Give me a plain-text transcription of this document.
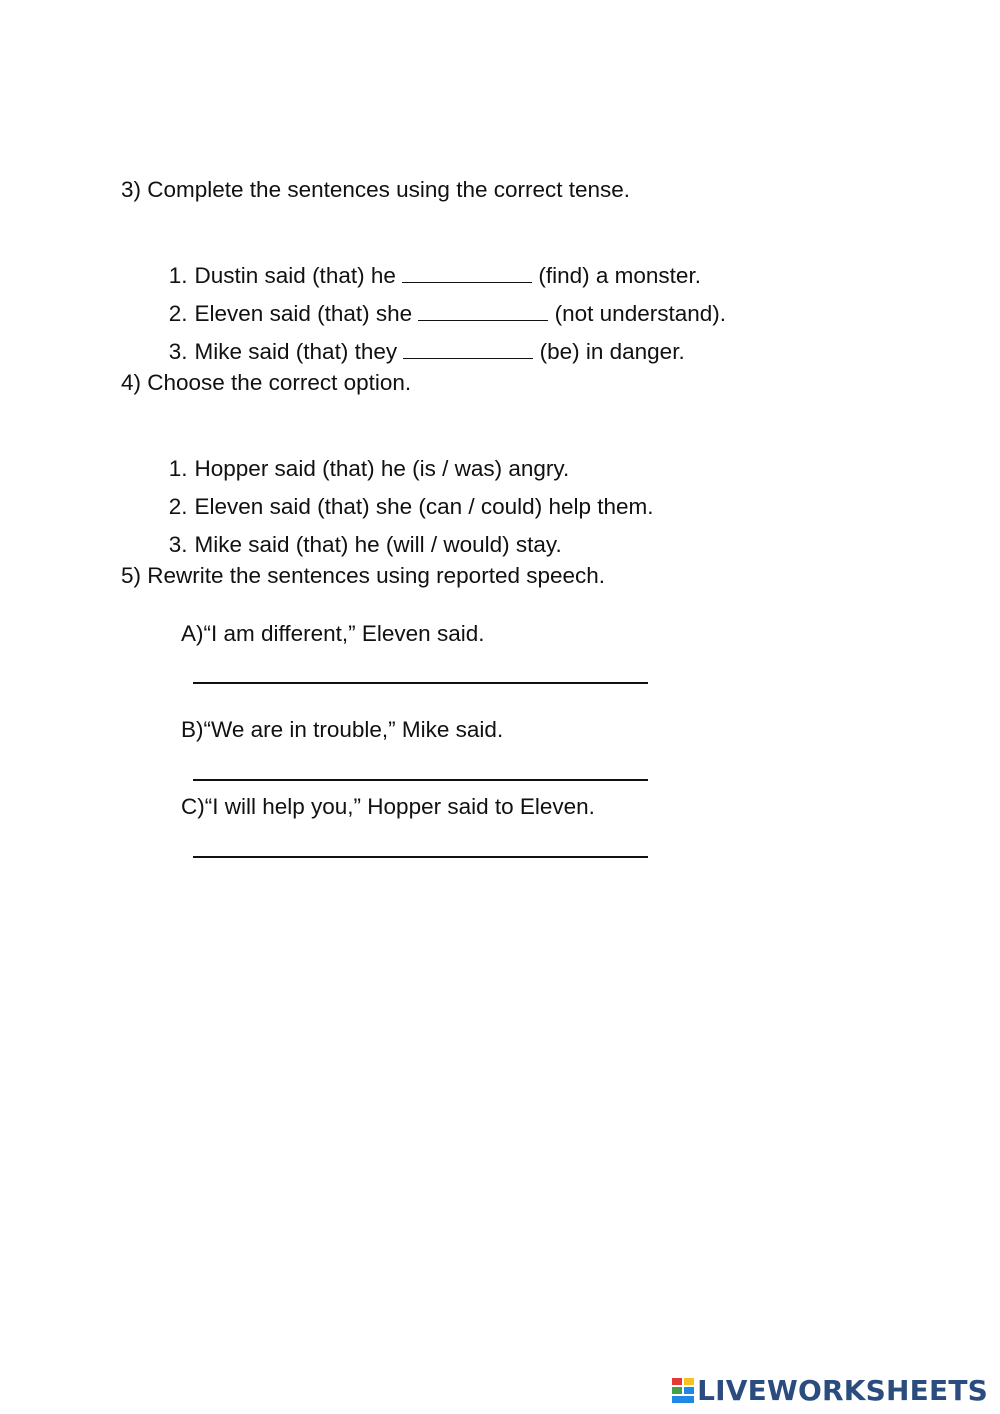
3) Complete the sentences using the correct tense.

1. Dustin said (that) he	(find) a monster.

2. Eleven said (that) she	(not understand).

3. Mike said (that) they	(be) in danger.

4) Choose the correct option.

1. Hopper said (that) he (is / was) angry.

2. Eleven said (that) she (can / could) help them.

3. Mike said (that) he (will / would) stay.

5) Rewrite the sentences using reported speech.
A)“I am different,” Eleven said.
B)“We are in trouble,” Mike said.
C)“I will help you,” Hopper said to Eleven.
LIVEWORKSHEETS
